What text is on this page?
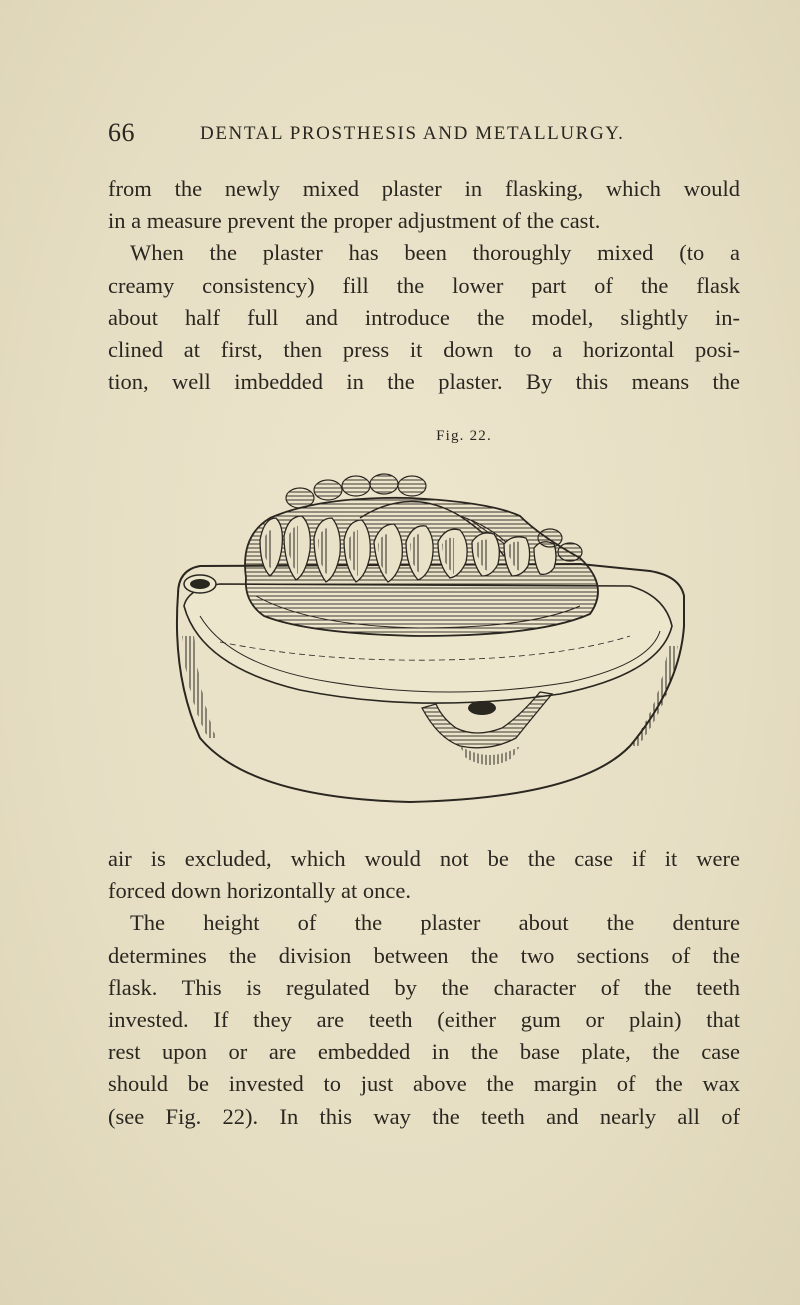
66	DENTAL PROSTHESIS AND METALLURGY.
from the newly mixed plaster in flasking, which would
in a measure prevent the proper adjustment of the cast.
When the plaster has been thoroughly mixed (to a
creamy consistency) fill the lower part of the flask
about half full and introduce the model, slightly in-
clined at first, then press it down to a horizontal posi-
tion, well imbedded in the plaster. By this means the
Fig. 22.
air is excluded, which would not be the case if it were
forced down horizontally at once.
The height of the plaster about the denture
determines the division between the two sections of the
flask. This is regulated by the character of the teeth
invested. If they are teeth (either gum or plain) that
rest upon or are embedded in the base plate, the case
should be invested to just above the margin of the wax
(see Fig. 22). In this way the teeth and nearly all of
